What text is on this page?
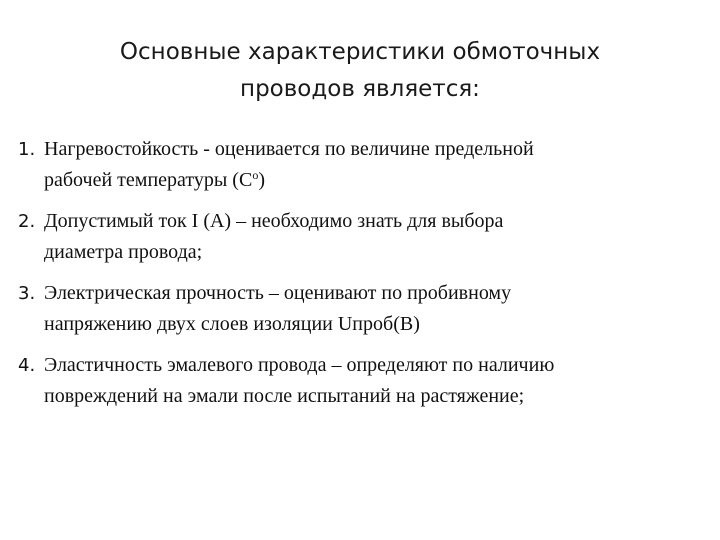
Основные характеристики обмоточных
проводов является:
1. Нагревостойкость - оценивается по величине предельной
рабочей температуры $(С^о)$
2. Допустимый ток I (А) – необходимо знать для выбора
диаметра провода;
3. Электрическая прочность – оценивают по пробивному
напряжению двух слоев изоляции Uпроб(В)
4. Эластичность эмалевого провода – определяют по наличию
повреждений на эмали после испытаний на растяжение;
